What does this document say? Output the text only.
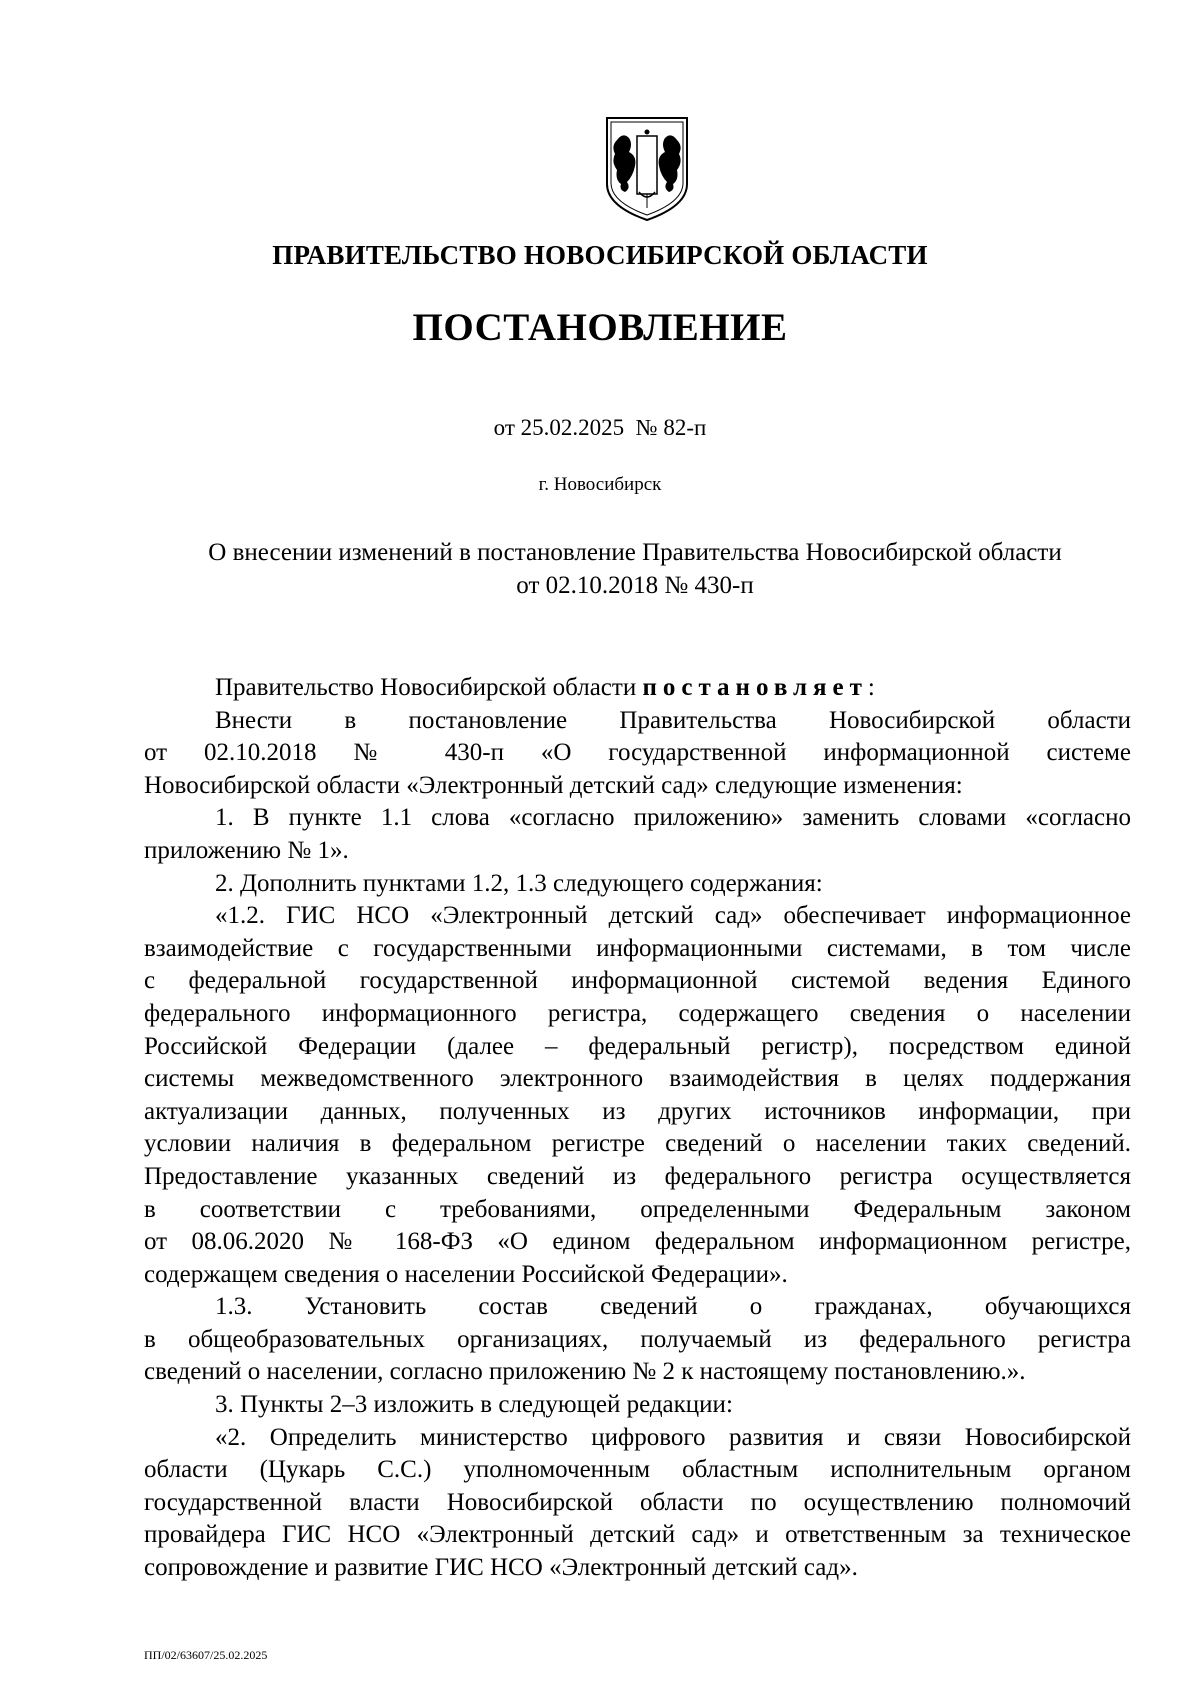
ПРАВИТЕЛЬСТВО НОВОСИБИРСКОЙ ОБЛАСТИ
ПОСТАНОВЛЕНИЕ
от 25.02.2025  № 82-п
г. Новосибирск
О внесении изменений в постановление Правительства Новосибирской области
от 02.10.2018 № 430-п
Правительство Новосибирской области постановляет:
Внести в постановление Правительства Новосибирской области
от 02.10.2018 № 430-п «О государственной информационной системе
Новосибирской области «Электронный детский сад» следующие изменения:
1. В пункте 1.1 слова «согласно приложению» заменить словами «согласно
приложению № 1».
2. Дополнить пунктами 1.2, 1.3 следующего содержания:
«1.2. ГИС НСО «Электронный детский сад» обеспечивает информационное
взаимодействие с государственными информационными системами, в том числе
с федеральной государственной информационной системой ведения Единого
федерального информационного регистра, содержащего сведения о населении
Российской Федерации (далее – федеральный регистр), посредством единой
системы межведомственного электронного взаимодействия в целях поддержания
актуализации данных, полученных из других источников информации, при
условии наличия в федеральном регистре сведений о населении таких сведений.
Предоставление указанных сведений из федерального регистра осуществляется
в соответствии с требованиями, определенными Федеральным законом
от 08.06.2020 № 168-ФЗ «О едином федеральном информационном регистре,
содержащем сведения о населении Российской Федерации».
1.3. Установить состав сведений о гражданах, обучающихся
в общеобразовательных организациях, получаемый из федерального регистра
сведений о населении, согласно приложению № 2 к настоящему постановлению.».
3. Пункты 2–3 изложить в следующей редакции:
«2. Определить министерство цифрового развития и связи Новосибирской
области (Цукарь С.С.) уполномоченным областным исполнительным органом
государственной власти Новосибирской области по осуществлению полномочий
провайдера ГИС НСО «Электронный детский сад» и ответственным за техническое
сопровождение и развитие ГИС НСО «Электронный детский сад».
ПП/02/63607/25.02.2025
